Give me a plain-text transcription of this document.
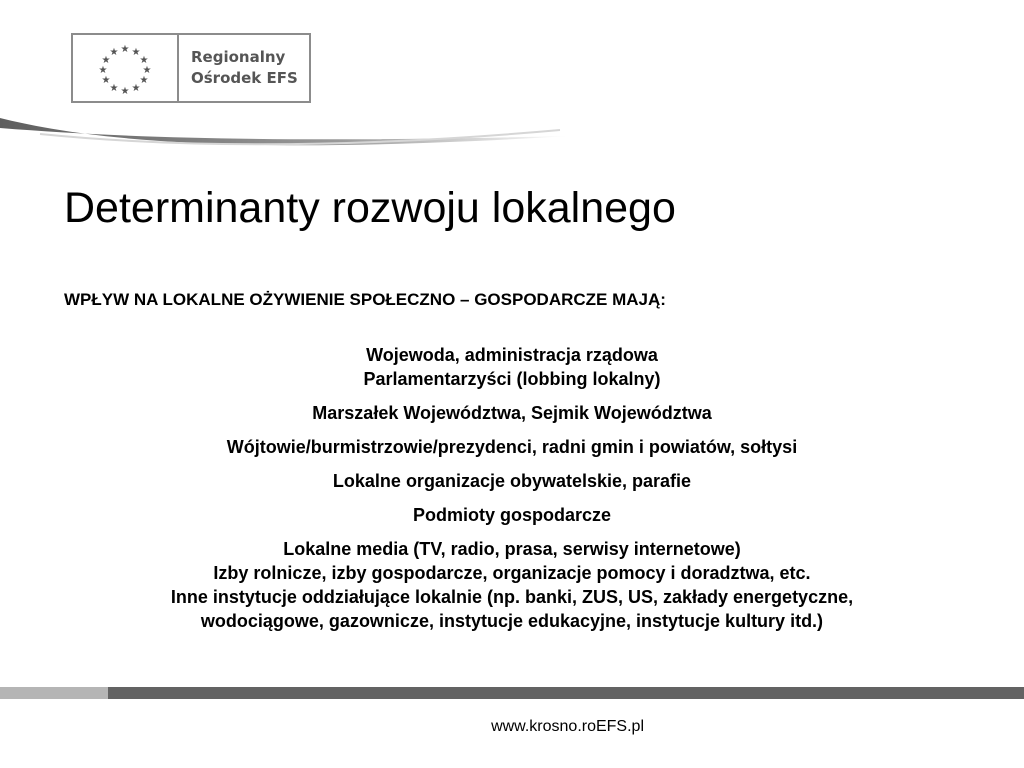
★ ★
★
★
★
★
★
★
★
★
★
★	Regionalny
Ośrodek EFS
Determinanty rozwoju lokalnego
WPŁYW NA LOKALNE OŻYWIENIE SPOŁECZNO – GOSPODARCZE MAJĄ:
Wojewoda, administracja rządowa
Parlamentarzyści (lobbing lokalny)
Marszałek Województwa, Sejmik Województwa
Wójtowie/burmistrzowie/prezydenci, radni gmin i powiatów, sołtysi
Lokalne organizacje obywatelskie, parafie
Podmioty gospodarcze
Lokalne media (TV, radio, prasa, serwisy internetowe)
Izby rolnicze, izby gospodarcze, organizacje pomocy i doradztwa, etc.
Inne instytucje oddziałujące lokalnie (np. banki, ZUS, US, zakłady energetyczne,
wodociągowe, gazownicze, instytucje edukacyjne, instytucje kultury itd.)
www.krosno.roEFS.pl
